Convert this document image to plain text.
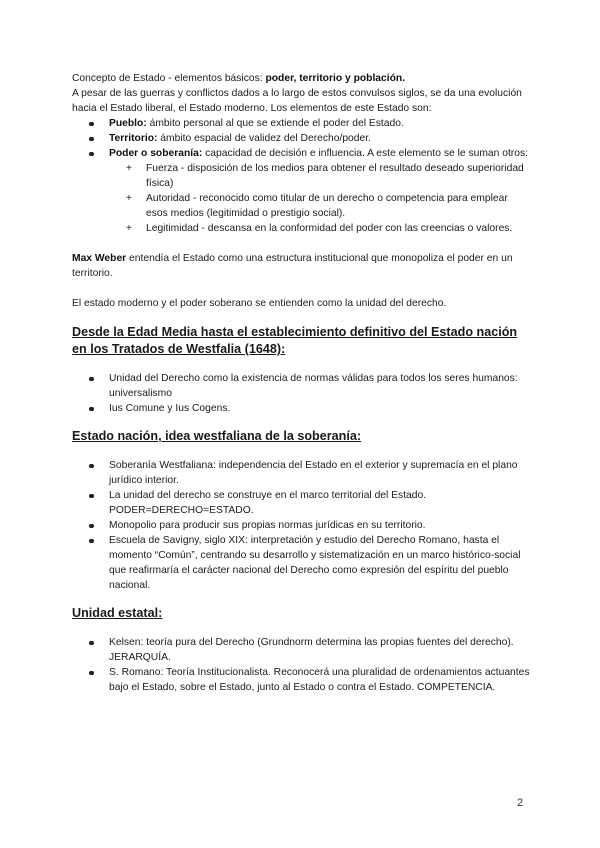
Concepto de Estado - elementos básicos: poder, territorio y población.

A pesar de las guerras y conflictos dados a lo largo de estos convulsos siglos, se da una evolución hacia el Estado liberal, el Estado moderno. Los elementos de este Estado son:

Pueblo: ámbito personal al que se extiende el poder del Estado.
Territorio: ámbito espacial de validez del Derecho/poder.
Poder o soberanía: capacidad de decisión e influencia. A este elemento se le suman otros:
+ Fuerza - disposición de los medios para obtener el resultado deseado superioridad física)
+ Autoridad - reconocido como titular de un derecho o competencia para emplear esos medios (legitimidad o prestigio social).
+ Legitimidad - descansa en la conformidad del poder con las creencias o valores.

Max Weber entendía el Estado como una estructura institucional que monopoliza el poder en un territorio.

El estado moderno y el poder soberano se entienden como la unidad del derecho.

Desde la Edad Media hasta el establecimiento definitivo del Estado nación en los Tratados de Westfalia (1648):
Unidad del Derecho como la existencia de normas válidas para todos los seres humanos: universalismo
Ius Comune y Ius Cogens.
Estado nación, idea westfaliana de la soberanía:
Soberanía Westfaliana: independencia del Estado en el exterior y supremacía en el plano jurídico interior.
La unidad del derecho se construye en el marco territorial del Estado.
PODER=DERECHO=ESTADO.
Monopolio para producir sus propias normas jurídicas en su territorio.
Escuela de Savigny, siglo XIX: interpretación y estudio del Derecho Romano, hasta el momento “Común”, centrando su desarrollo y sistematización en un marco histórico-social que reafirmaría el carácter nacional del Derecho como expresión del espíritu del pueblo nacional.
Unidad estatal:
Kelsen: teoría pura del Derecho (Grundnorm determina las propias fuentes del derecho). JERARQUÍA.
S. Romano: Teoría Institucionalista. Reconocerá una pluralidad de ordenamientos actuantes bajo el Estado, sobre el Estado, junto al Estado o contra el Estado. COMPETENCIA.
2
